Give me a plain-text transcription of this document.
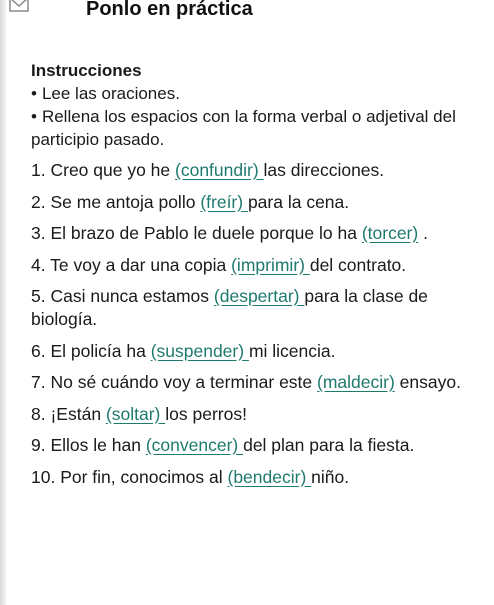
Ponlo en práctica

Instrucciones

• Lee las oraciones.
• Rellena los espacios con la forma verbal o adjetival del participio pasado.
1. Creo que yo he (confundir) las direcciones.
2. Se me antoja pollo (freír) para la cena.
3. El brazo de Pablo le duele porque lo ha (torcer) .
4. Te voy a dar una copia (imprimir) del contrato.
5. Casi nunca estamos (despertar) para la clase de biología.
6. El policía ha (suspender) mi licencia.
7. No sé cuándo voy a terminar este (maldecir) ensayo.
8. ¡Están (soltar) los perros!
9. Ellos le han (convencer) del plan para la fiesta.
10. Por fin, conocimos al (bendecir) niño.
